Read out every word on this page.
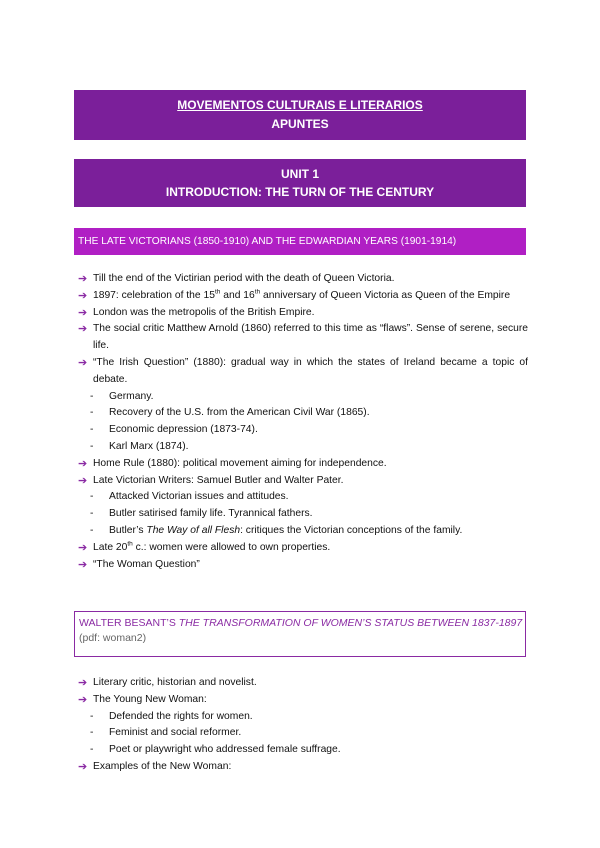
MOVEMENTOS CULTURAIS E LITERARIOS
APUNTES
UNIT 1
INTRODUCTION: THE TURN OF THE CENTURY
THE LATE VICTORIANS (1850-1910) AND THE EDWARDIAN YEARS (1901-1914)
➔ Till the end of the Victirian period with the death of Queen Victoria.
➔ 1897: celebration of the 15th and 16th anniversary of Queen Victoria as Queen of the Empire
➔ London was the metropolis of the British Empire.
➔ The social critic Matthew Arnold (1860) referred to this time as “flaws”. Sense of serene, secure life.
➔ “The Irish Question” (1880): gradual way in which the states of Ireland became a topic of debate.
- Germany.
- Recovery of the U.S. from the American Civil War (1865).
- Economic depression (1873-74).
- Karl Marx (1874).
➔ Home Rule (1880): political movement aiming for independence.
➔ Late Victorian Writers: Samuel Butler and Walter Pater.
- Attacked Victorian issues and attitudes.
- Butler satirised family life. Tyrannical fathers.
- Butler’s The Way of all Flesh: critiques the Victorian conceptions of the family.
➔ Late 20th c.: women were allowed to own properties.
➔ “The Woman Question”
WALTER BESANT’S THE TRANSFORMATION OF WOMEN’S STATUS BETWEEN 1837-1897
(pdf: woman2)
➔ Literary critic, historian and novelist.
➔ The Young New Woman:
- Defended the rights for women.
- Feminist and social reformer.
- Poet or playwright who addressed female suffrage.
➔ Examples of the New Woman:
